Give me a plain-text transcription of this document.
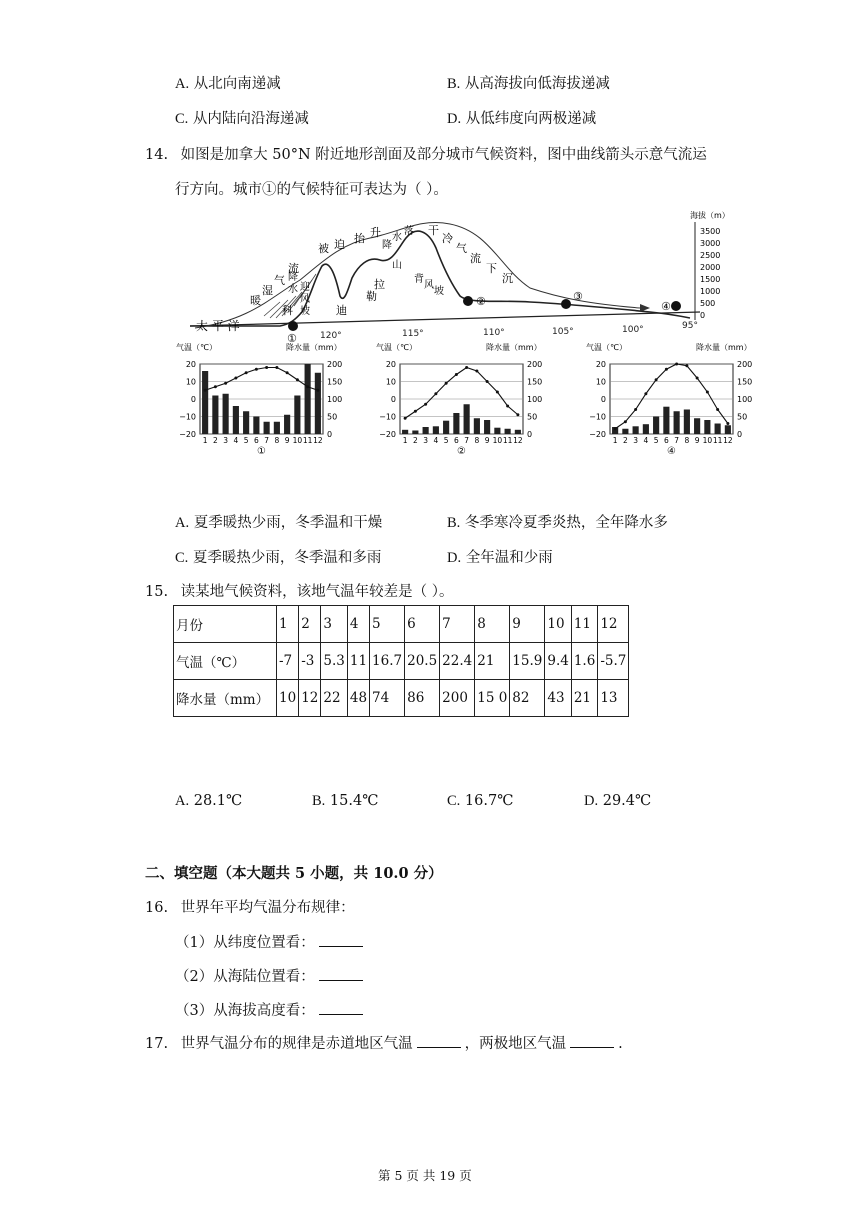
A. 从北向南递减	B. 从高海拔向低海拔递减
C. 从内陆向沿海递减	D. 从低纬度向两极递减
14. 如图是加拿大 50°N 附近地形剖面及部分城市气候资料，图中曲线箭头示意气流运
行方向。城市①的气候特征可表达为（ ）。
①
②	③
④
太 平 洋
暖
湿
气
流
被 迫 抬 升	干
冷
气
流
下
沉
降
水 迎
风
坡
科	迪
勒
拉
降
水
落
山
背
风
坡
120°	115°	110°	105°	100°	95°
海拔（m）
3500
3000
2500
2000
1500
1000
500
0
气温（℃）	降水量（mm）
20	200
10	150
0	100
−10	50
−20	0
1 2 3 4 5 6 7 8 9 10 11 12
①
气温（℃）	降水量（mm）
20	200
10	150
0	100
−10	50
−20	0
1 2 3 4 5 6 7 8 9 10 11 12
②
气温（℃）	降水量（mm）
20	200
10	150
0	100
−10	50
−20	0
1 2 3 4 5 6 7 8 9 10 11 12
④
A. 夏季暖热少雨，冬季温和干燥	B. 冬季寒冷夏季炎热，全年降水多
C. 夏季暖热少雨，冬季温和多雨	D. 全年温和少雨
15. 读某地气候资料，该地气温年较差是（ ）。
月份	1	2	3	4	5	6	7	8	9	10	11	12
气温（℃）	-7	-3	5.3	11	16.7	20.5	22.4	21	15.9	9.4	1.6	-5.7
降水量（mm）	10	12	22	48	74	86	200	15 0	82	43	21	13
A. 28.1℃	B. 15.4℃	C. 16.7℃	D. 29.4℃
二、填空题（本大题共 5 小题，共 10.0 分）
16. 世界年平均气温分布规律：
（1）从纬度位置看：
（2）从海陆位置看：
（3）从海拔高度看：
17. 世界气温分布的规律是赤道地区气温	，两极地区气温	.
第 5 页 共 19 页
